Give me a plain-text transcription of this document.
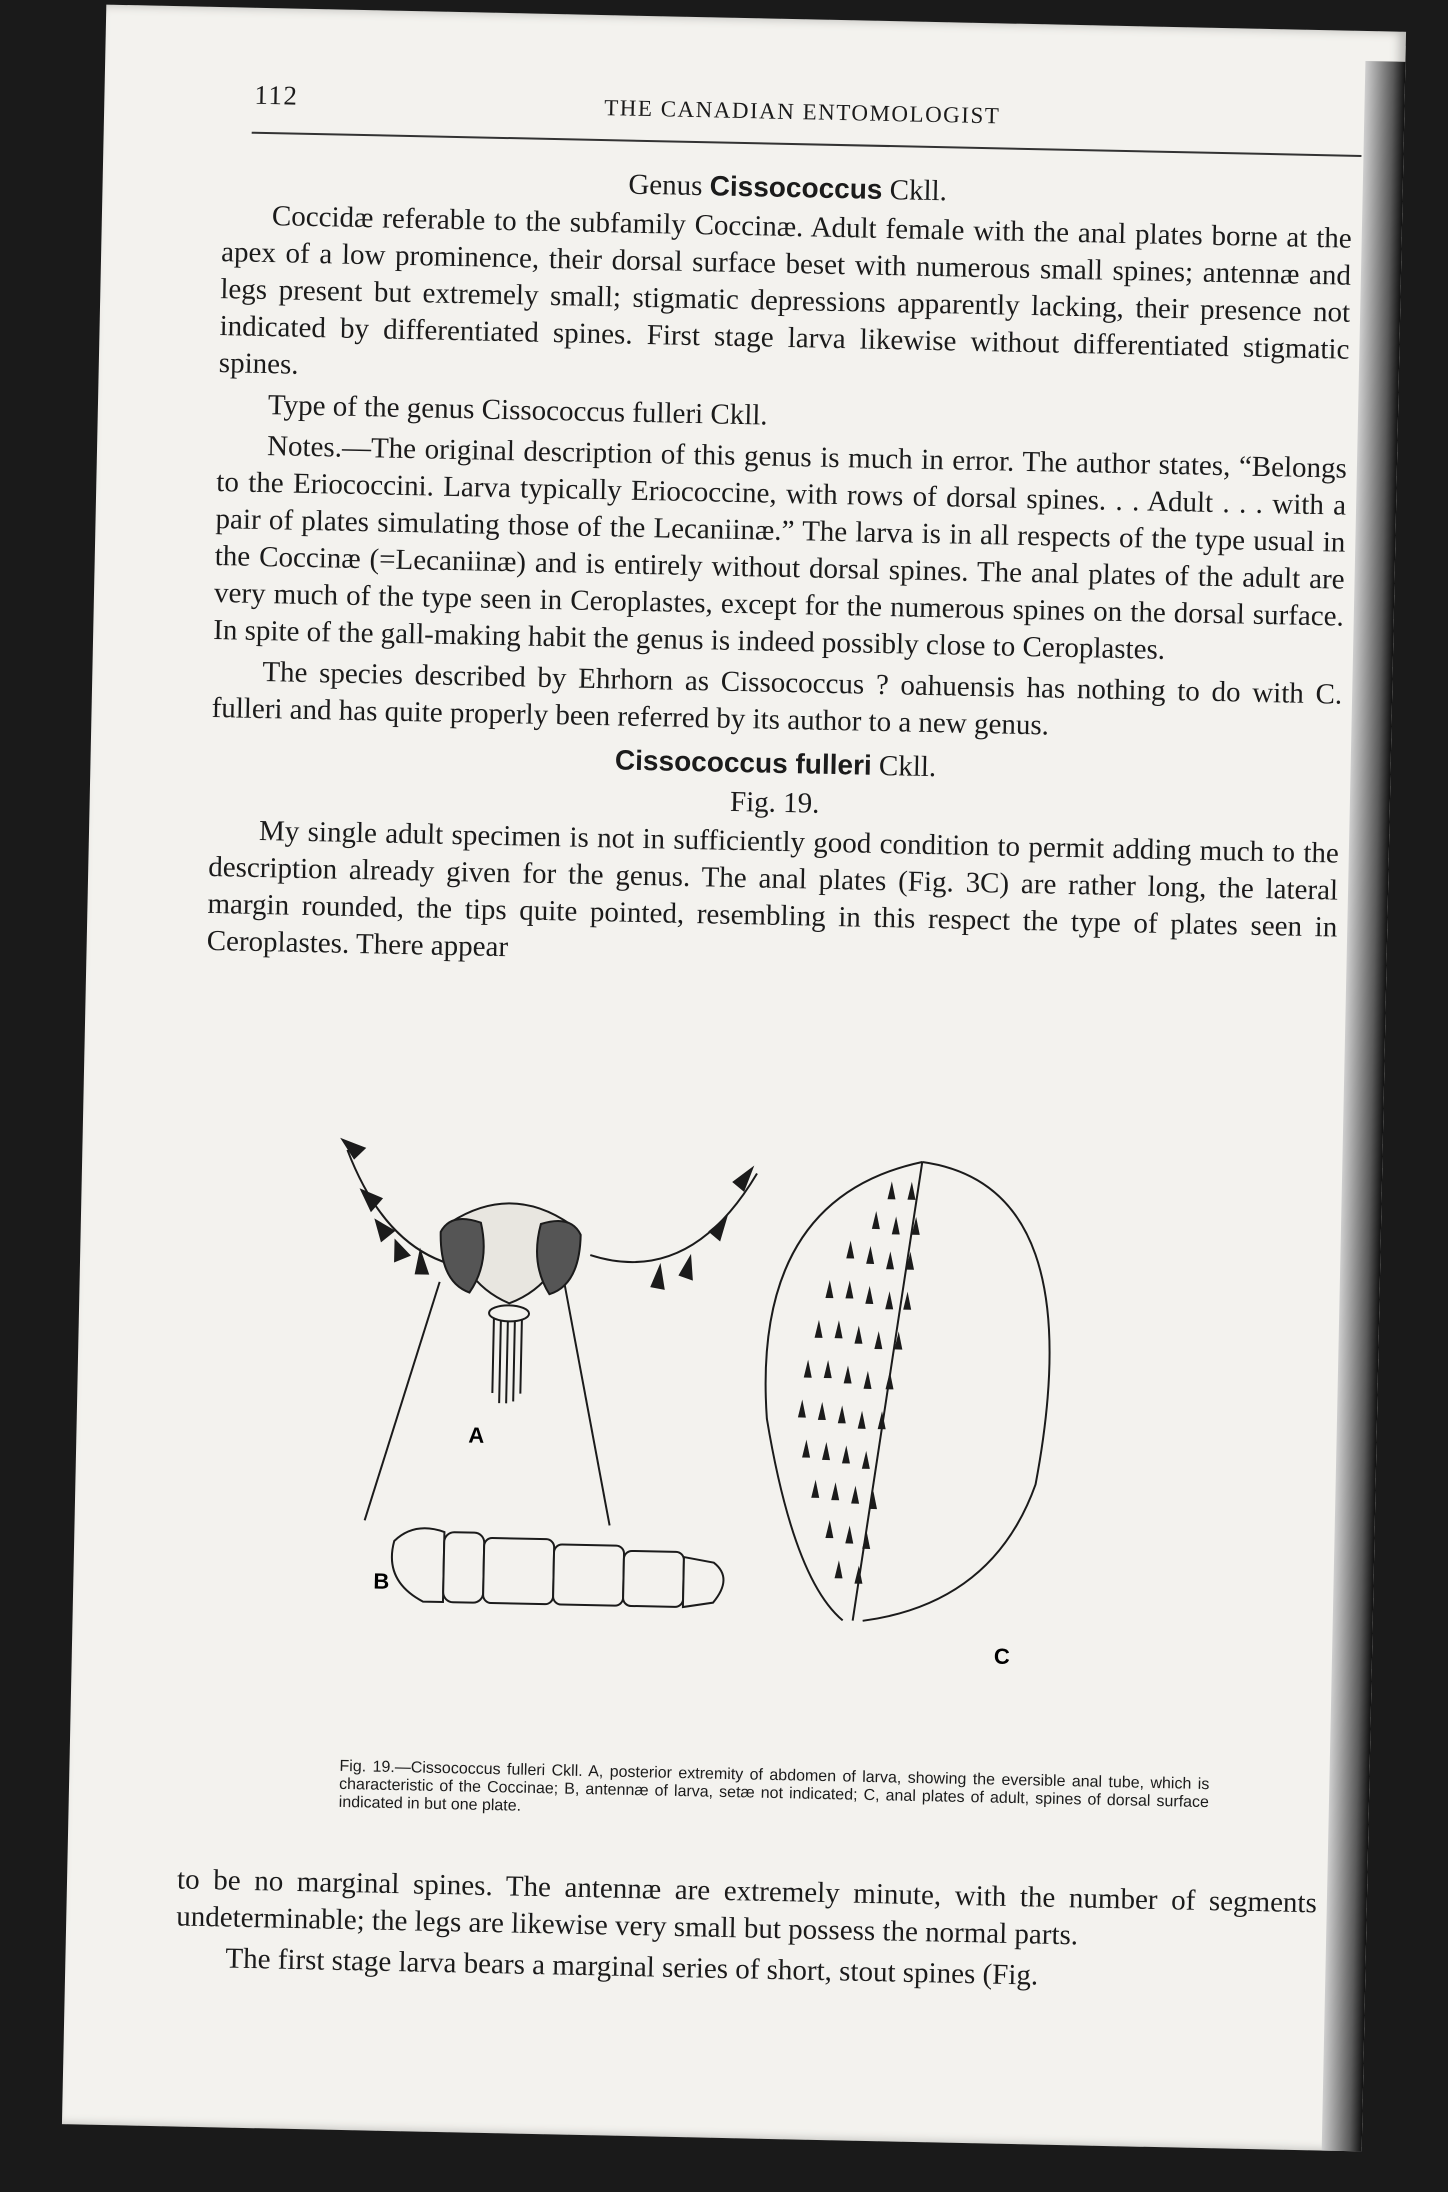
112	THE CANADIAN ENTOMOLOGIST
Genus Cissococcus Ckll.

Coccidæ referable to the subfamily Coccinæ. Adult female with the anal plates borne at the apex of a low prominence, their dorsal surface beset with numerous small spines; antennæ and legs present but extremely small; stigmatic depressions apparently lacking, their presence not indicated by differentiated spines. First stage larva likewise without differentiated stigmatic spines.

Type of the genus Cissococcus fulleri Ckll.

Notes.—The original description of this genus is much in error. The author states, “Belongs to the Eriococcini. Larva typically Eriococcine, with rows of dorsal spines. . . Adult . . . with a pair of plates simulating those of the Lecaniinæ.” The larva is in all respects of the type usual in the Coccinæ (=Lecaniinæ) and is entirely without dorsal spines. The anal plates of the adult are very much of the type seen in Ceroplastes, except for the numerous spines on the dorsal surface. In spite of the gall-making habit the genus is indeed possibly close to Ceroplastes.

The species described by Ehrhorn as Cissococcus ? oahuensis has nothing to do with C. fulleri and has quite properly been referred by its author to a new genus.

Cissococcus fulleri Ckll.
Fig. 19.

My single adult specimen is not in sufficiently good condition to permit adding much to the description already given for the genus. The anal plates (Fig. 3C) are rather long, the lateral margin rounded, the tips quite pointed, resembling in this respect the type of plates seen in Ceroplastes. There appear

A
B
C
Fig. 19.—Cissococcus fulleri Ckll. A, posterior extremity of abdomen of larva, showing the eversible anal tube, which is characteristic of the Coccinae; B, antennæ of larva, setæ not indicated; C, anal plates of adult, spines of dorsal surface indicated in but one plate.

to be no marginal spines. The antennæ are extremely minute, with the number of segments undeterminable; the legs are likewise very small but possess the normal parts.

The first stage larva bears a marginal series of short, stout spines (Fig.
